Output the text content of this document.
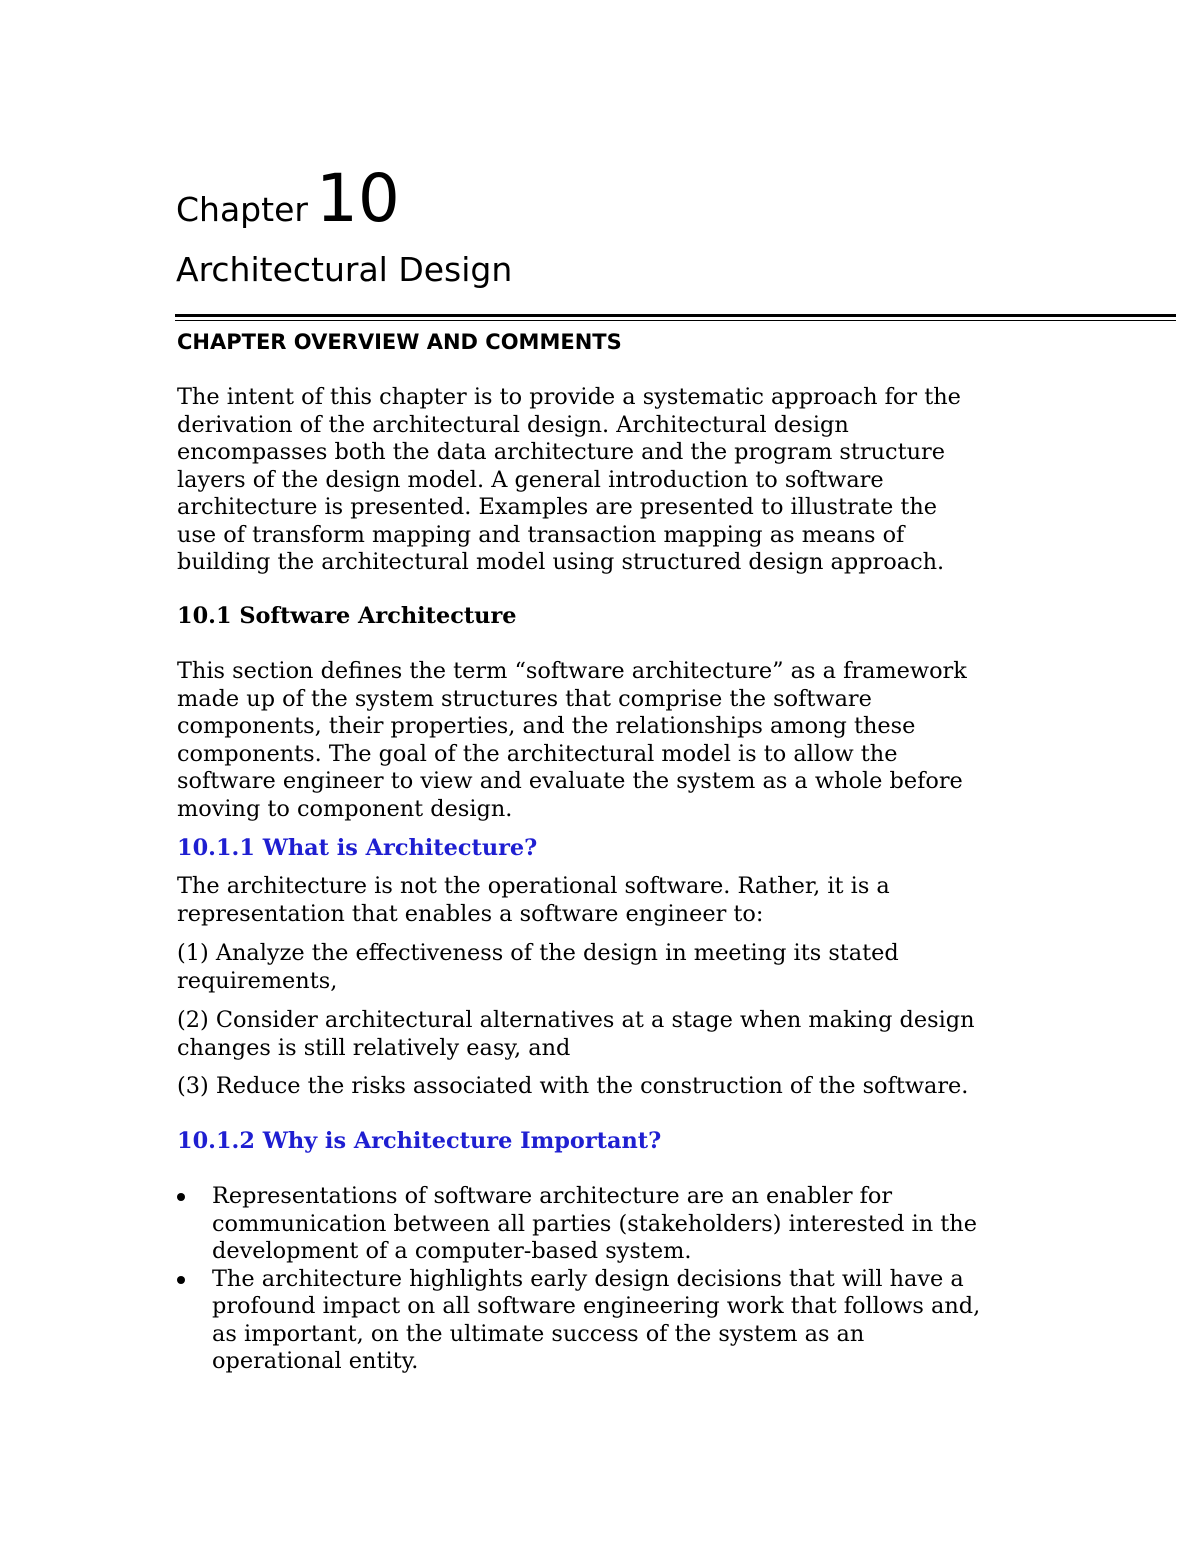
Chapter 10
Architectural Design
CHAPTER OVERVIEW AND COMMENTS
The intent of this chapter is to provide a systematic approach for the
derivation of the architectural design. Architectural design
encompasses both the data architecture and the program structure
layers of the design model. A general introduction to software
architecture is presented. Examples are presented to illustrate the
use of transform mapping and transaction mapping as means of
building the architectural model using structured design approach.
10.1 Software Architecture
This section defines the term “software architecture” as a framework
made up of the system structures that comprise the software
components, their properties, and the relationships among these
components. The goal of the architectural model is to allow the
software engineer to view and evaluate the system as a whole before
moving to component design.
10.1.1 What is Architecture?
The architecture is not the operational software. Rather, it is a
representation that enables a software engineer to:
(1) Analyze the effectiveness of the design in meeting its stated
requirements,
(2) Consider architectural alternatives at a stage when making design
changes is still relatively easy, and
(3) Reduce the risks associated with the construction of the software.
10.1.2 Why is Architecture Important?
Representations of software architecture are an enabler for
communication between all parties (stakeholders) interested in the
development of a computer-based system.
The architecture highlights early design decisions that will have a
profound impact on all software engineering work that follows and,
as important, on the ultimate success of the system as an
operational entity.
